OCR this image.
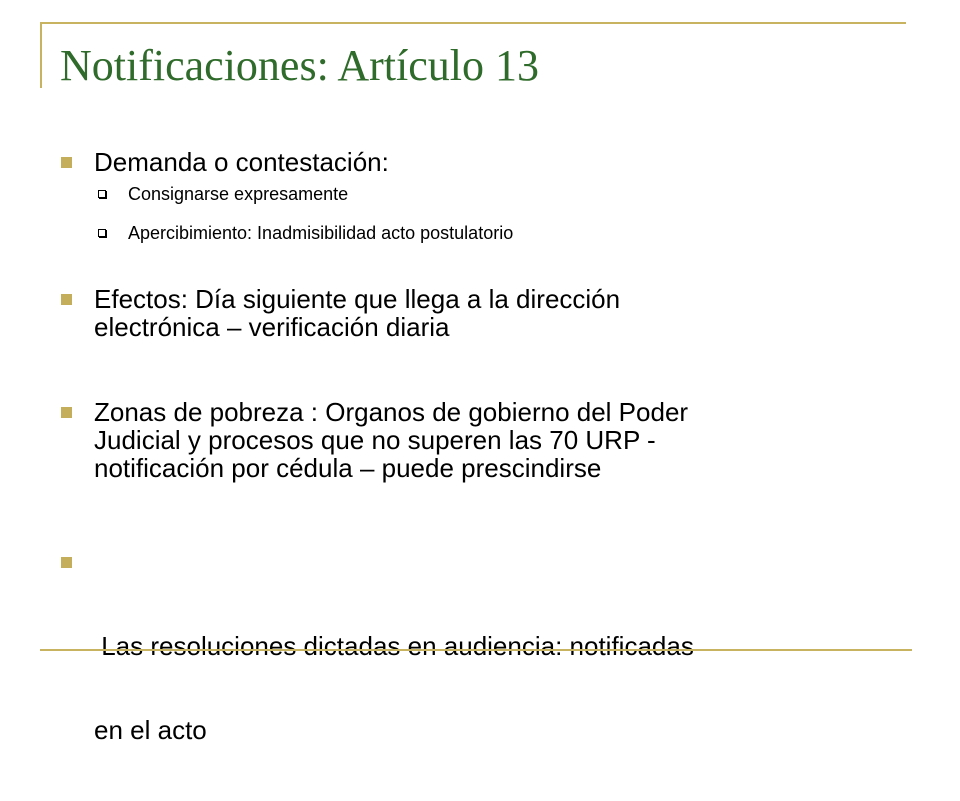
Notificaciones: Artículo 13
Demanda o contestación:
Consignarse expresamente
Apercibimiento: Inadmisibilidad acto postulatorio
Efectos: Día siguiente que llega a la dirección
electrónica – verificación diaria
Zonas de pobreza : Organos de gobierno del Poder
Judicial y procesos que no superen las 70 URP -
notificación por cédula – puede prescindirse

Las resoluciones dictadas en audiencia: notificadas

en el acto
